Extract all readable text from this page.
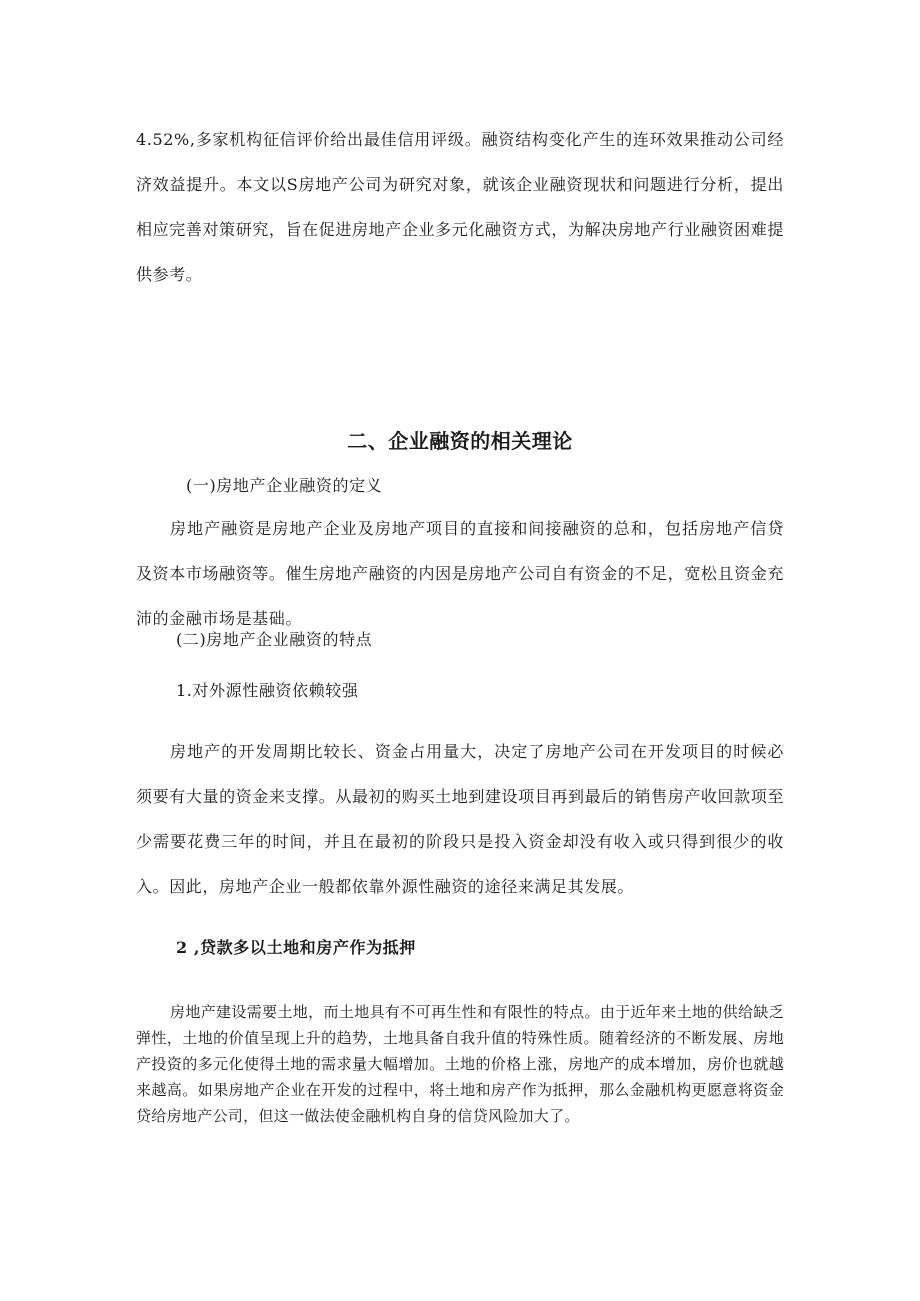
4.52%,多家机构征信评价给出最佳信用评级。融资结构变化产生的连环效果推动公司经济效益提升。本文以S房地产公司为研究对象，就该企业融资现状和问题进行分析，提出相应完善对策研究，旨在促进房地产企业多元化融资方式，为解决房地产行业融资困难提供参考。

二、企业融资的相关理论

(一)房地产企业融资的定义

房地产融资是房地产企业及房地产项目的直接和间接融资的总和，包括房地产信贷及资本市场融资等。催生房地产融资的内因是房地产公司自有资金的不足，宽松且资金充沛的金融市场是基础。

(二)房地产企业融资的特点

1.对外源性融资依赖较强

房地产的开发周期比较长、资金占用量大，决定了房地产公司在开发项目的时候必须要有大量的资金来支撑。从最初的购买土地到建设项目再到最后的销售房产收回款项至少需要花费三年的时间，并且在最初的阶段只是投入资金却没有收入或只得到很少的收入。因此，房地产企业一般都依靠外源性融资的途径来满足其发展。

2 ,贷款多以土地和房产作为抵押

房地产建设需要土地，而土地具有不可再生性和有限性的特点。由于近年来土地的供给缺乏弹性，土地的价值呈现上升的趋势，土地具备自我升值的特殊性质。随着经济的不断发展、房地产投资的多元化使得土地的需求量大幅增加。土地的价格上涨，房地产的成本增加，房价也就越来越高。如果房地产企业在开发的过程中，将土地和房产作为抵押，那么金融机构更愿意将资金贷给房地产公司，但这一做法使金融机构自身的信贷风险加大了。
